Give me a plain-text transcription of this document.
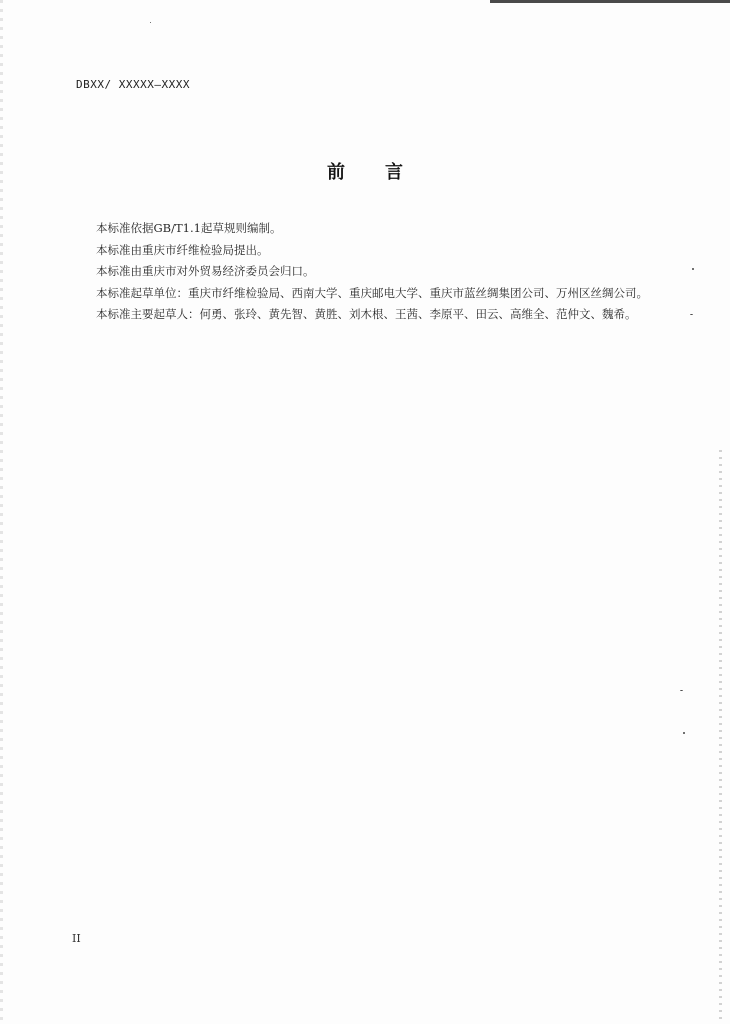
DBXX/ XXXXX—XXXX
前 言

本标准依据GB/T1.1起草规则编制。

本标准由重庆市纤维检验局提出。

本标准由重庆市对外贸易经济委员会归口。

本标准起草单位：重庆市纤维检验局、西南大学、重庆邮电大学、重庆市蓝丝绸集团公司、万州区丝绸公司。

本标准主要起草人：何勇、张玲、黄先智、黄胜、刘木根、王茜、李原平、田云、高维全、范仲文、魏希。

II
